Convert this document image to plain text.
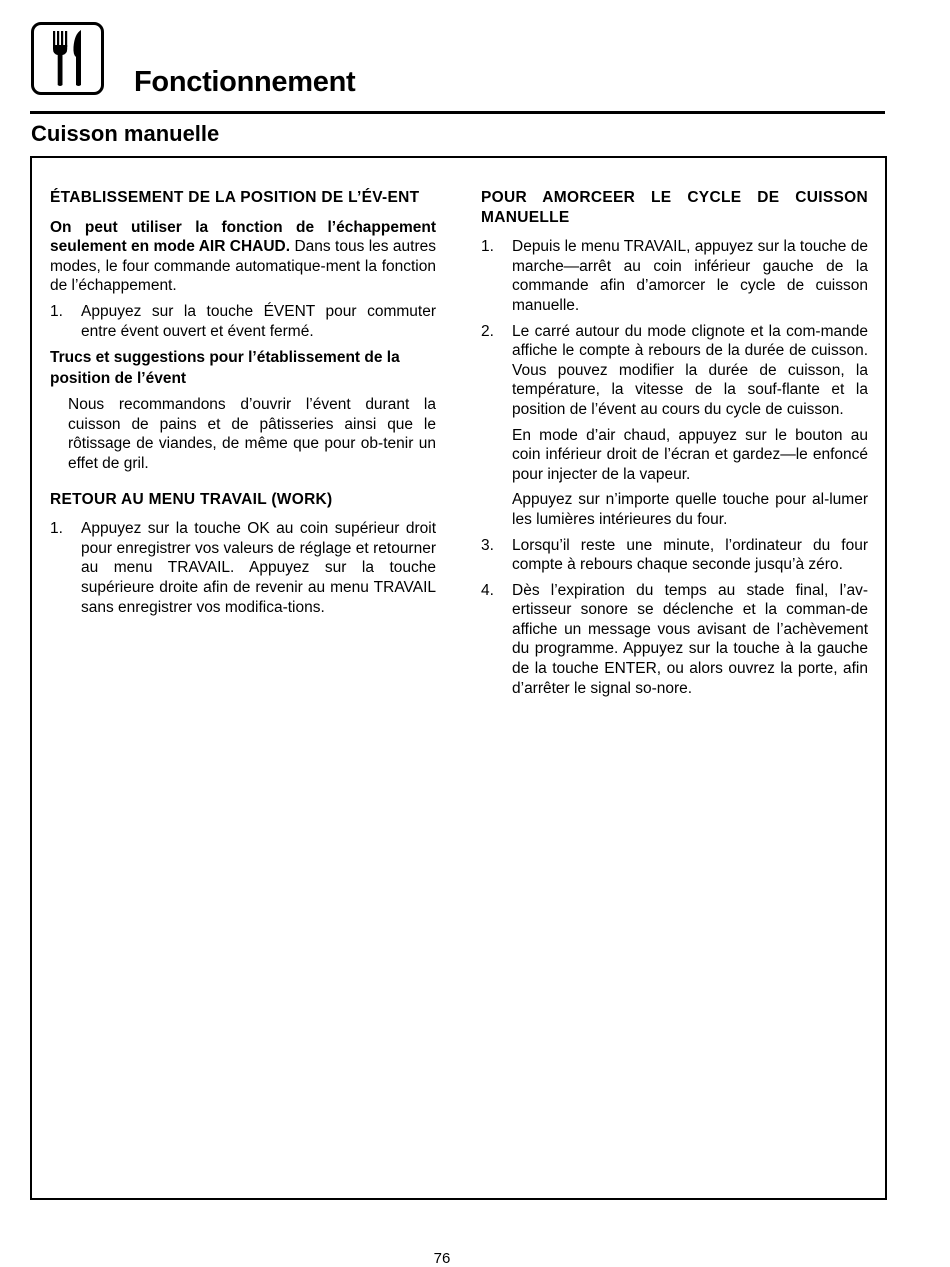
Fonctionnement
Cuisson manuelle
ÉTABLISSEMENT DE LA POSITION DE L’ÉV-ENT

On peut utiliser la fonction de l’échappement seulement en mode AIR CHAUD. Dans tous les autres modes, le four commande automatique-ment la fonction de l’échappement.

1. Appuyez sur la touche ÉVENT pour commuter entre évent ouvert et évent fermé.

Trucs et suggestions pour l’établissement de la position de l’évent

Nous recommandons d’ouvrir l’évent durant la cuisson de pains et de pâtisseries ainsi que le rôtissage de viandes, de même que pour ob-tenir un effet de gril.

RETOUR AU MENU TRAVAIL (WORK)
1. Appuyez sur la touche OK au coin supérieur droit pour enregistrer vos valeurs de réglage et retourner au menu TRAVAIL. Appuyez sur la touche supérieure droite afin de revenir au menu TRAVAIL sans enregistrer vos modifica-tions.
POUR AMORCEER LE CYCLE DE CUISSON MANUELLE
1. Depuis le menu TRAVAIL, appuyez sur la touche de marche—arrêt au coin inférieur gauche de la commande afin d’amorcer le cycle de cuisson manuelle.
2. Le carré autour du mode clignote et la com-mande affiche le compte à rebours de la durée de cuisson. Vous pouvez modifier la durée de cuisson, la température, la vitesse de la souf-flante et la position de l’évent au cours du cycle de cuisson.

En mode d’air chaud, appuyez sur le bouton au coin inférieur droit de l’écran et gardez—le enfoncé pour injecter de la vapeur.

Appuyez sur n’importe quelle touche pour al-lumer les lumières intérieures du four.

3. Lorsqu’il reste une minute, l’ordinateur du four compte à rebours chaque seconde jusqu’à zéro.
4. Dès l’expiration du temps au stade final, l’av-ertisseur sonore se déclenche et la comman-de affiche un message vous avisant de l’achèvement du programme. Appuyez sur la touche à la gauche de la touche ENTER, ou alors ouvrez la porte, afin d’arrêter le signal so-nore.
76
